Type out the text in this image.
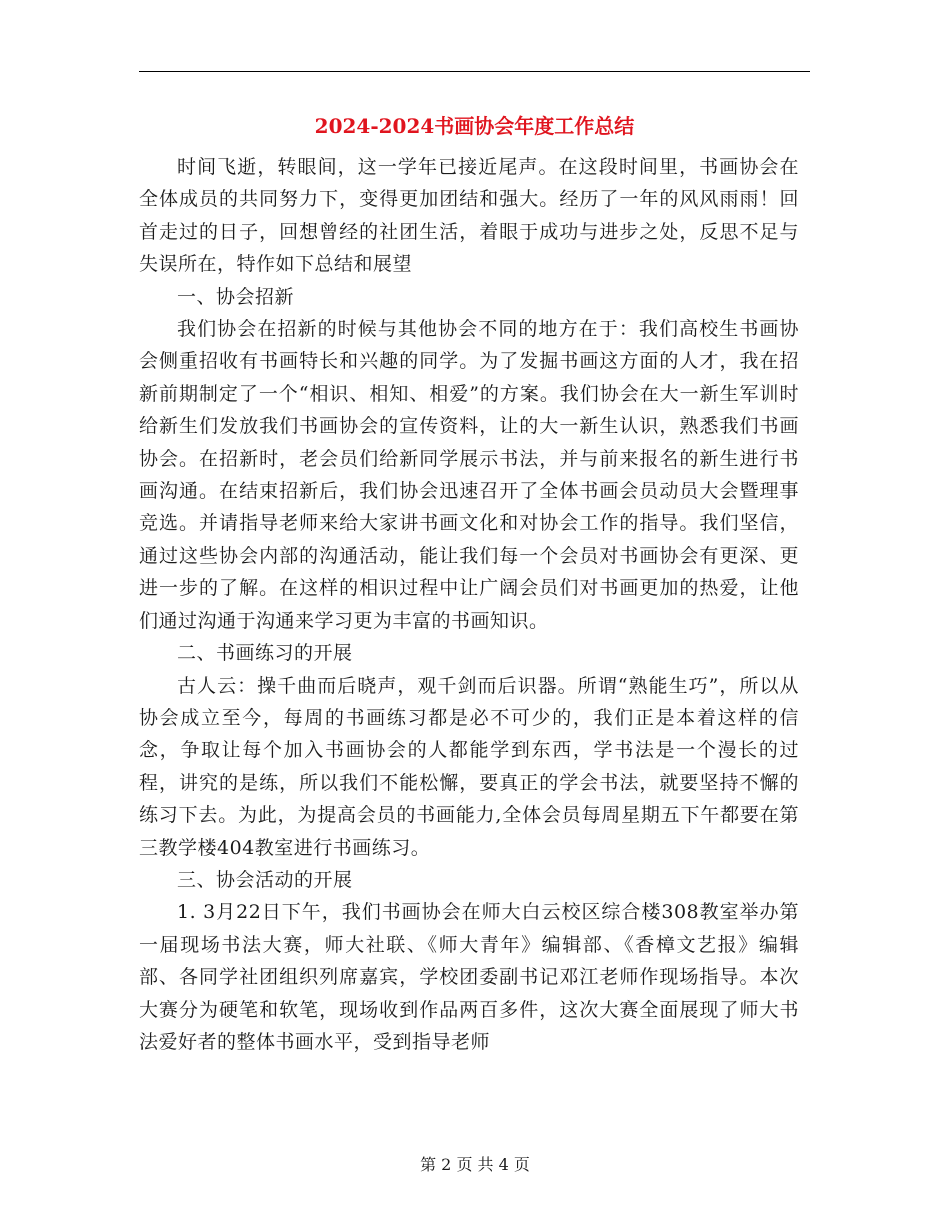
2024-2024书画协会年度工作总结

时间飞逝，转眼间，这一学年已接近尾声。在这段时间里，书画协会在全体成员的共同努力下，变得更加团结和强大。经历了一年的风风雨雨！回首走过的日子，回想曾经的社团生活，着眼于成功与进步之处，反思不足与失误所在，特作如下总结和展望

一、协会招新

我们协会在招新的时候与其他协会不同的地方在于：我们高校生书画协会侧重招收有书画特长和兴趣的同学。为了发掘书画这方面的人才，我在招新前期制定了一个“相识、相知、相爱”的方案。我们协会在大一新生军训时给新生们发放我们书画协会的宣传资料，让的大一新生认识，熟悉我们书画协会。在招新时，老会员们给新同学展示书法，并与前来报名的新生进行书画沟通。在结束招新后，我们协会迅速召开了全体书画会员动员大会暨理事竞选。并请指导老师来给大家讲书画文化和对协会工作的指导。我们坚信，通过这些协会内部的沟通活动，能让我们每一个会员对书画协会有更深、更进一步的了解。在这样的相识过程中让广阔会员们对书画更加的热爱，让他们通过沟通于沟通来学习更为丰富的书画知识。

二、书画练习的开展

古人云：操千曲而后晓声，观千剑而后识器。所谓“熟能生巧”，所以从协会成立至今，每周的书画练习都是必不可少的，我们正是本着这样的信念，争取让每个加入书画协会的人都能学到东西，学书法是一个漫长的过程，讲究的是练，所以我们不能松懈，要真正的学会书法，就要坚持不懈的练习下去。为此，为提高会员的书画能力,全体会员每周星期五下午都要在第三教学楼404教室进行书画练习。

三、协会活动的开展

1. 3月22日下午，我们书画协会在师大白云校区综合楼308教室举办第一届现场书法大赛，师大社联、《师大青年》编辑部、《香樟文艺报》编辑部、各同学社团组织列席嘉宾，学校团委副书记邓江老师作现场指导。本次大赛分为硬笔和软笔，现场收到作品两百多件，这次大赛全面展现了师大书法爱好者的整体书画水平，受到指导老师

第 2 页 共 4 页
